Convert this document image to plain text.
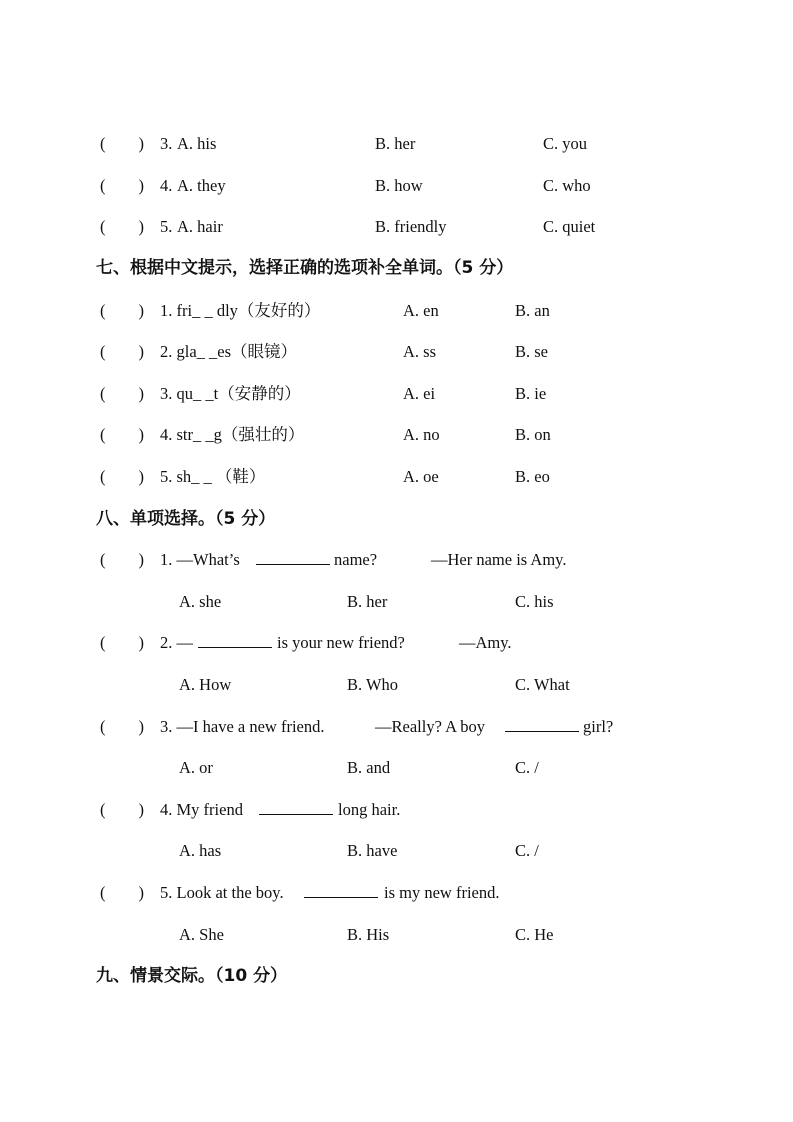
(　　) 3. A. his	B. her	C. you
(　　) 4. A. they	B. how	C. who
(　　) 5. A. hair	B. friendly	C. quiet
七、根据中文提示，选择正确的选项补全单词。（5 分）
(　　) 1. fri_ _ dly（友好的）	A. en	B. an
(　　) 2. gla_ _es（眼镜）	A. ss	B. se
(　　) 3. qu_ _t（安静的）	A. ei	B. ie
(　　) 4. str_ _g（强壮的）	A. no	B. on
(　　) 5. sh_ _ （鞋）	A. oe	B. eo
八、单项选择。（5 分）
(　　) 1. —What’s	name?	—Her name is Amy.
A. she	B. her	C. his
(　　) 2. —	is your new friend?	—Amy.
A. How	B. Who	C. What
(　　) 3. —I have a new friend.	—Really? A boy	girl?
A. or	B. and	C. /
(　　) 4. My friend	long hair.
A. has	B. have	C. /
(　　) 5. Look at the boy.	is my new friend.
A. She	B. His	C. He
九、情景交际。（10 分）
